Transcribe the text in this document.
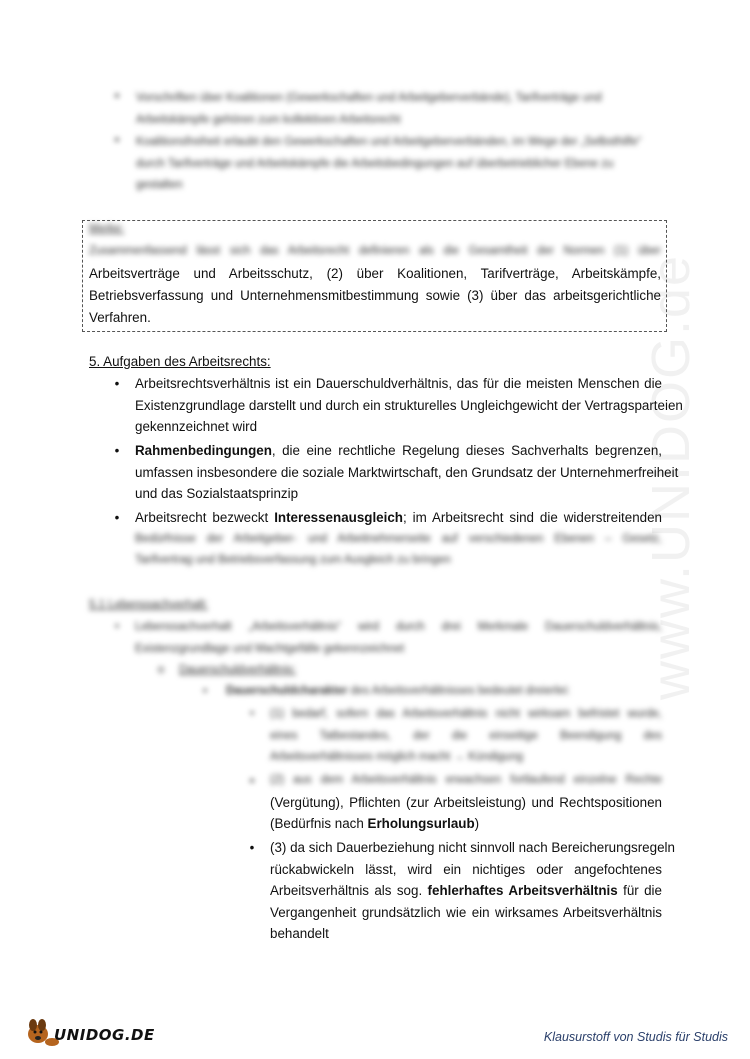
www.UNIDOG.de
• Vorschriften über Koalitionen (Gewerkschaften und Arbeitgeberverbände), Tarifverträge und Arbeitskämpfe gehören zum kollektiven Arbeitsrecht

• Koalitionsfreiheit erlaubt den Gewerkschaften und Arbeitgeberverbänden, im Wege der „Selbsthilfe“ durch Tarifverträge und Arbeitskämpfe die Arbeitsbedingungen auf überbetrieblicher Ebene zu gestalten

Merke:
Zusammenfassend lässt sich das Arbeitsrecht definieren als die Gesamtheit der Normen (1) über
Arbeitsverträge und Arbeitsschutz, (2) über Koalitionen, Tarifverträge, Arbeitskämpfe,
Betriebsverfassung und Unternehmensmitbestimmung sowie (3) über das arbeitsgerichtliche
Verfahren.
5. Aufgaben des Arbeitsrechts:
• Arbeitsrechtsverhältnis ist ein Dauerschuldverhältnis, das für die meisten Menschen die
Existenzgrundlage darstellt und durch ein strukturelles Ungleichgewicht der Vertragsparteien
gekennzeichnet wird
• Rahmenbedingungen, die eine rechtliche Regelung dieses Sachverhalts begrenzen,
umfassen insbesondere die soziale Marktwirtschaft, den Grundsatz der Unternehmerfreiheit
und das Sozialstaatsprinzip
• Arbeitsrecht bezweckt Interessenausgleich; im Arbeitsrecht sind die widerstreitenden
Bedürfnisse der Arbeitgeber- und Arbeitnehmerseite auf verschiedenen Ebenen – Gesetz,
Tarifvertrag und Betriebsverfassung zum Ausgleich zu bringen
5.1 Lebenssachverhalt:
• Lebenssachverhalt „Arbeitsverhältnis“ wird durch drei Merkmale Dauerschuldverhältnis,
Existenzgrundlage und Machtgefälle gekennzeichnet
o Dauerschuldverhältnis:
▪ Dauerschuldcharakter des Arbeitsverhältnisses bedeutet dreierlei:
• (1) bedarf, sofern das Arbeitsverhältnis nicht wirksam befristet wurde,
eines Tatbestandes, der die einseitige Beendigung des
Arbeitsverhältnisses möglich macht → Kündigung
• (2) aus dem Arbeitsverhältnis erwachsen fortlaufend einzelne Rechte
(Vergütung), Pflichten (zur Arbeitsleistung) und Rechtspositionen
(Bedürfnis nach Erholungsurlaub)
• (3) da sich Dauerbeziehung nicht sinnvoll nach Bereicherungsregeln
rückabwickeln lässt, wird ein nichtiges oder angefochtenes
Arbeitsverhältnis als sog. fehlerhaftes Arbeitsverhältnis für die
Vergangenheit grundsätzlich wie ein wirksames Arbeitsverhältnis
behandelt
UNIDOG.DE	Klausurstoff von Studis für Studis
